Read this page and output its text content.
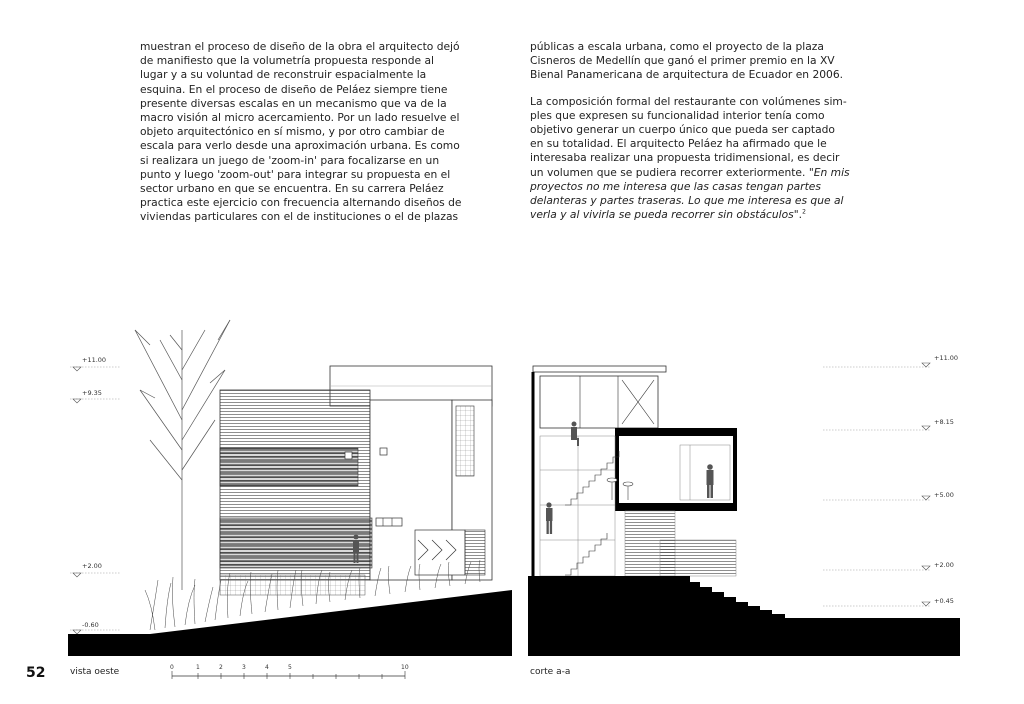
muestran el proceso de diseño de la obra el arquitecto dejó
de manifiesto que la volumetría propuesta responde al
lugar y a su voluntad de reconstruir espacialmente la
esquina. En el proceso de diseño de Peláez siempre tiene
presente diversas escalas en un mecanismo que va de la
macro visión al micro acercamiento. Por un lado resuelve el
objeto arquitectónico en sí mismo, y por otro cambiar de
escala para verlo desde una aproximación urbana. Es como
si realizara un juego de 'zoom-in' para focalizarse en un
punto y luego 'zoom-out' para integrar su propuesta en el
sector urbano en que se encuentra. En su carrera Peláez
practica este ejercicio con frecuencia alternando diseños de
viviendas particulares con el de instituciones o el de plazas

públicas a escala urbana, como el proyecto de la plaza
Cisneros de Medellín que ganó el primer premio en la XV
Bienal Panamericana de arquitectura de Ecuador en 2006.

La composición formal del restaurante con volúmenes sim-
ples que expresen su funcionalidad interior tenía como
objetivo generar un cuerpo único que pueda ser captado
en su totalidad. El arquitecto Peláez ha afirmado que le
interesaba realizar una propuesta tridimensional, es decir
un volumen que se pudiera recorrer exteriormente. "En mis
proyectos no me interesa que las casas tengan partes
delanteras y partes traseras. Lo que me interesa es que al
verla y al vivirla se pueda recorrer sin obstáculos".$^2$

+11.00
+9.35
+2.00
-0.60
+11.00
+8.15
+5.00
+2.00
+0.45
0	1	2	3	4	5	10
52	vista oeste	corte a-a
